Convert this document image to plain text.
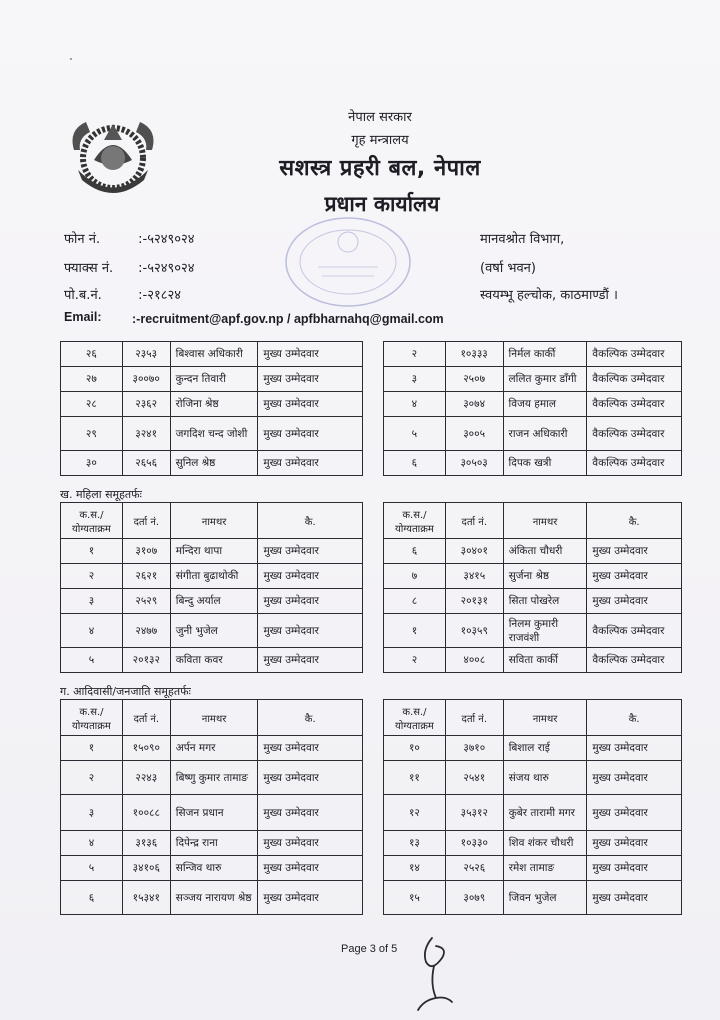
नेपाल सरकार
गृह मन्त्रालय
सशस्त्र प्रहरी बल, नेपाल
प्रधान कार्यालय
फोन नं.	:-५२४९०२४
फ्याक्स नं. :-५२४९०२४
पो.ब.नं.	:-२१८२४
Email: :-recruitment@apf.gov.np / apfbharnahq@gmail.com
मानवश्रोत विभाग,
(वर्षा भवन)
स्वयम्भू हल्चोक, काठमाण्डौं ।
२६	२३५३	बिश्वास अधिकारी	मुख्य उम्मेदवार
२७	३००७०	कुन्दन तिवारी	मुख्य उम्मेदवार
२८	२३६२	रोजिना श्रेष्ठ	मुख्य उम्मेदवार
२९	३२४१	जगदिश चन्द जोशी	मुख्य उम्मेदवार
३०	२६५६	सुनिल श्रेष्ठ	मुख्य उम्मेदवार
२	१०३३३	निर्मल कार्की	वैकल्पिक उम्मेदवार
३	२५०७	ललित कुमार डाँगी	वैकल्पिक उम्मेदवार
४	३०७४	विजय हमाल	वैकल्पिक उम्मेदवार
५	३००५	राजन अधिकारी	वैकल्पिक उम्मेदवार
६	३०५०३	दिपक खत्री	वैकल्पिक उम्मेदवार
ख. महिला समूहतर्फः
क.स./ योग्यताक्रम	दर्ता नं.	नामथर	कै.
१	३१०७	मन्दिरा थापा	मुख्य उम्मेदवार
२	२६२१	संगीता बुढाथोकी	मुख्य उम्मेदवार
३	२५२९	बिन्दु अर्याल	मुख्य उम्मेदवार
४	२४७७	जुनी भुजेल	मुख्य उम्मेदवार
५	२०१३२	कविता कवर	मुख्य उम्मेदवार
क.स./ योग्यताक्रम	दर्ता नं.	नामथर	कै.
६	३०४०१	अंकिता चौधरी	मुख्य उम्मेदवार
७	३४१५	सुर्जना श्रेष्ठ	मुख्य उम्मेदवार
८	२०१३१	सिता पोखरेल	मुख्य उम्मेदवार
१	१०३५९	निलम कुमारी राजवंशी	वैकल्पिक उम्मेदवार
२	४००८	सविता कार्की	वैकल्पिक उम्मेदवार
ग. आदिवासी/जनजाति समूहतर्फः
क.स./ योग्यताक्रम	दर्ता नं.	नामथर	कै.
१	१५०९०	अर्पन मगर	मुख्य उम्मेदवार
२	२२४३	बिष्णु कुमार तामाङ	मुख्य उम्मेदवार
३	१००८८	सिजन प्रधान	मुख्य उम्मेदवार
४	३१३६	दिपेन्द्र राना	मुख्य उम्मेदवार
५	३४१०६	सन्जिव थारु	मुख्य उम्मेदवार
६	१५३४१	सञ्जय नारायण श्रेष्ठ	मुख्य उम्मेदवार
क.स./ योग्यताक्रम	दर्ता नं.	नामथर	कै.
१०	३७१०	बिशाल राई	मुख्य उम्मेदवार
११	२५४१	संजय थारु	मुख्य उम्मेदवार
१२	३५३१२	कुबेर तारामी मगर	मुख्य उम्मेदवार
१३	१०३३०	शिव शंकर चौधरी	मुख्य उम्मेदवार
१४	२५२६	रमेश तामाङ	मुख्य उम्मेदवार
१५	३०७९	जिवन भुजेल	मुख्य उम्मेदवार
Page 3 of 5
